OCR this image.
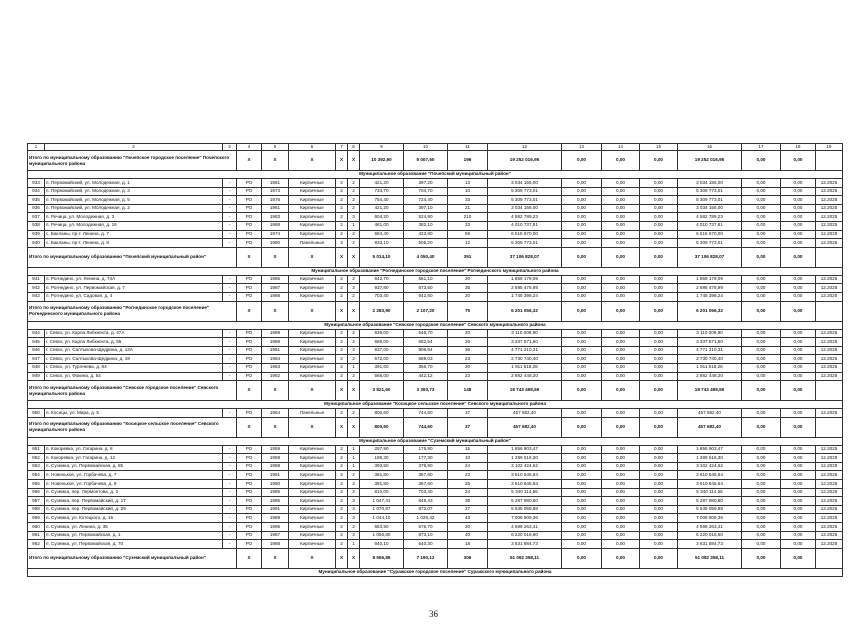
1	2	3	4	5	6	7	8	9	10	11	12	13	14	15	16	17	18	19
Итого по муниципальному образованию "Почепское городское поселение" Почепского муниципального района			X	X	X	X	X	10 392,60	5 007,60	196	19 252 016,95	0,00	0,00	0,00	19 252 016,95	0,00	0,00	
Муниципальное образование "Почепский муниципальный район"																		
933	п. Первомайский, ул. Молодежная, д. 1	-	РО	1961	Кирпичные	2	2	421,20	397,20	13	3 034 156,00	0,00	0,00	0,00	3 034 156,00	0,00	0,00	12.2025
934	п. Первомайский, ул. Молодежная, д. 3	-	РО	1973	Кирпичные	2	2	734,70	704,70	10	5 309 773,01	0,00	0,00	0,00	5 309 773,01	0,00	0,00	12.2025
935	п. Первомайский, ул. Молодежная, д. 5	-	РО	1976	Кирпичные	2	2	754,40	724,40	33	5 309 773,01	0,00	0,00	0,00	5 309 773,01	0,00	0,00	12.2025
936	п. Первомайский, ул. Молодежная, д. 2	-	РО	1961	Кирпичные	2	2	421,20	397,10	21	3 034 156,00	0,00	0,00	0,00	3 034 156,00	0,00	0,00	12.2025
937	п. Речица, ул. Молодежная, д. 3	-	РО	1983	Кирпичные	2	3	604,20	524,90	210	4 582 789,23	0,00	0,00	0,00	4 582 789,23	0,00	0,00	12.2025
938	п. Речица, ул. Молодежная, д. 16	-	РО	1988	Кирпичные	2	1	461,00	382,10	33	4 010 737,81	0,00	0,00	0,00	4 010 737,81	0,00	0,00	12.2025
939	с. Бакланы, пр-т. Ленина, д. 7	-	РО	1974	Кирпичные	2	2	684,40	423,80	59	6 515 670,00	0,00	0,00	0,00	6 515 670,00	0,00	0,00	12.2025
940	с. Бакланы, пр-т. Ленина, д. 8	-	РО	1980	Панельные	3	2	933,10	505,20	12	5 309 773,01	0,00	0,00	0,00	5 309 773,01	0,00	0,00	12.2025
Итого по муниципальному образованию "Почепский муниципальный район"			X	X	X	X	X	5 014,10	4 050,40	391	37 106 828,07	0,00	0,00	0,00	37 106 828,07	0,00	0,00	
Муниципальное образование "Рогнединское городское поселение" Рогнединского муниципального района																		
941	п. Рогнедино, ул. Ленина, д. 74А	-	РО	1965	Кирпичные	2	2	642,70	681,10	20	1 859 179,09	0,00	0,00	0,00	1 859 179,09	0,00	0,00	12.2025
942	п. Рогнедино, ул. Первомайская, д. 7	-	РО	1987	Кирпичные	2	3	937,80	673,50	35	2 595 478,99	0,00	0,00	0,00	2 595 478,99	0,00	0,00	12.2025
943	п. Рогнедино, ул. Садовая, д. 4	-	РО	1988	Кирпичные	2	2	703,40	642,60	20	1 745 398,24	0,00	0,00	0,00	1 745 398,24	0,00	0,00	12.2025
Итого по муниципальному образованию "Рогнединское городское поселение" Рогнединского муниципального района			X	X	X	X	X	2 283,90	2 107,20	75	6 201 056,32	0,00	0,00	0,00	6 201 056,32	0,00	0,00	
Муниципальное образование "Севское городское поселение" Севского муниципального района																		
944	г. Севск, ул. Карла Либкнехта, д. 47А	-	РО	1989	Кирпичные	2	2	635,00	546,70	20	3 110 009,90	0,00	0,00	0,00	3 110 009,90	0,00	0,00	12.2025
945	г. Севск, ул. Карла Либкнехта, д. 55	-	РО	1988	Кирпичные	2	2	686,00	652,54	26	3 337 571,60	0,00	0,00	0,00	3 337 571,60	0,00	0,00	12.2025
946	г. Севск, ул. Салтыкова-Щедрина, д. 13А	-	РО	1981	Кирпичные	2	3	937,00	806,64	36	4 771 210,31	0,00	0,00	0,00	4 771 210,31	0,00	0,00	12.2025
947	г. Севск, ул. Салтыкова-Щедрина, д. 19	-	РО	1984	Кирпичные	2	2	672,00	589,03	23	2 730 740,40	0,00	0,00	0,00	2 730 740,40	0,00	0,00	12.2025
948	г. Севск, ул. Тургенева, д. 84	-	РО	1983	Кирпичные	2	1	391,60	356,70	20	1 911 518,28	0,00	0,00	0,00	1 911 518,28	0,00	0,00	12.2025
949	г. Севск, ул. Фокина, д. 54	-	РО	1982	Кирпичные	2	2	566,00	442,12	23	2 882 448,20	0,00	0,00	0,00	2 882 448,20	0,00	0,00	12.2025
Итого по муниципальному образованию "Севское городское поселение" Севского муниципального района			X	X	X	X	X	3 821,60	3 393,73	148	18 743 498,69	0,00	0,00	0,00	18 743 498,69	0,00	0,00	
Муниципальное образование "Косицкое сельское поселение" Севского муниципального района																		
950	п. Косицы, ул. Мира, д. 5	-	РО	1964	Панельные	2	2	800,60	744,60	37	457 682,40	0,00	0,00	0,00	457 682,40	0,00	0,00	12.2025
Итого по муниципальному образованию "Косицкое сельское поселение" Севского муниципального района			X	X	X	X	X	800,60	744,60	37	457 682,40	0,00	0,00	0,00	457 682,40	0,00	0,00	
Муниципальное образование "Суземский муниципальный район"																		
951	п. Кокоревка, ул. Гагарина, д. 8	-	РО	1959	Кирпичные	2	1	257,90	175,90	15	1 856 903,47	0,00	0,00	0,00	1 856 903,47	0,00	0,00	12.2025
952	п. Кокоревка, ул. Гагарина, д. 12	-	РО	1959	Кирпичные	2	1	189,30	177,30	10	1 289 516,30	0,00	0,00	0,00	1 289 516,30	0,00	0,00	12.2025
953	п. Суземка, ул. Первомайская, д. 85	-	РО	1968	Кирпичные	2	1	393,50	378,90	24	3 102 424,62	0,00	0,00	0,00	3 102 424,62	0,00	0,00	12.2025
954	п. Новенькое, ул. Горбачева, д. 7	-	РО	1981	Кирпичные	2	2	381,80	367,60	22	3 610 645,64	0,00	0,00	0,00	3 610 645,64	0,00	0,00	12.2025
955	п. Новенькое, ул. Горбачева, д. 9	-	РО	1980	Кирпичные	2	2	381,80	367,60	25	3 610 645,64	0,00	0,00	0,00	3 610 645,64	0,00	0,00	12.2025
956	п. Суземка, пер. Лермонтова, д. 2	-	РО	1985	Кирпичные	2	2	810,00	703,40	24	5 340 114,56	0,00	0,00	0,00	5 340 114,56	0,00	0,00	12.2025
957	п. Суземка, пер. Первомайский, д. 17	-	РО	1985	Кирпичные	2	3	1 047,41	848,43	38	5 287 980,60	0,00	0,00	0,00	5 287 980,60	0,00	0,00	12.2025
958	п. Суземка, пер. Первомайский, д. 29	-	РО	1991	Кирпичные	2	3	1 070,97	872,07	27	5 535 059,88	0,00	0,00	0,00	5 535 059,88	0,00	0,00	12.2025
959	п. Суземка, ул. Котецкого, д. 15	-	РО	1989	Кирпичные	2	3	1 044,10	1 026,42	43	7 008 909,36	0,00	0,00	0,00	7 008 909,36	0,00	0,00	12.2025
960	п. Суземка, ул. Ленина, д. 35	-	РО	1995	Кирпичные	2	2	663,90	576,70	20	4 598 263,41	0,00	0,00	0,00	4 598 263,41	0,00	0,00	12.2025
961	п. Суземка, ул. Первомайская, д. 1	-	РО	1987	Кирпичные	2	3	1 056,80	873,10	40	6 220 016,60	0,00	0,00	0,00	6 220 016,60	0,00	0,00	12.2025
962	п. Суземка, ул. Первомайская, д. 70	-	РО	1988	Кирпичные	2	1	640,10	640,30	18	3 631 884,73	0,00	0,00	0,00	3 631 884,73	0,00	0,00	12.2025
Итого по муниципальному образованию "Суземский муниципальный район"			X	X	X	X	X	8 556,86	7 190,12	306	51 092 358,11	0,00	0,00	0,00	51 092 358,11	0,00	0,00	
Муниципальное образование "Суражское городское поселение" Суражского муниципального района																		
36
